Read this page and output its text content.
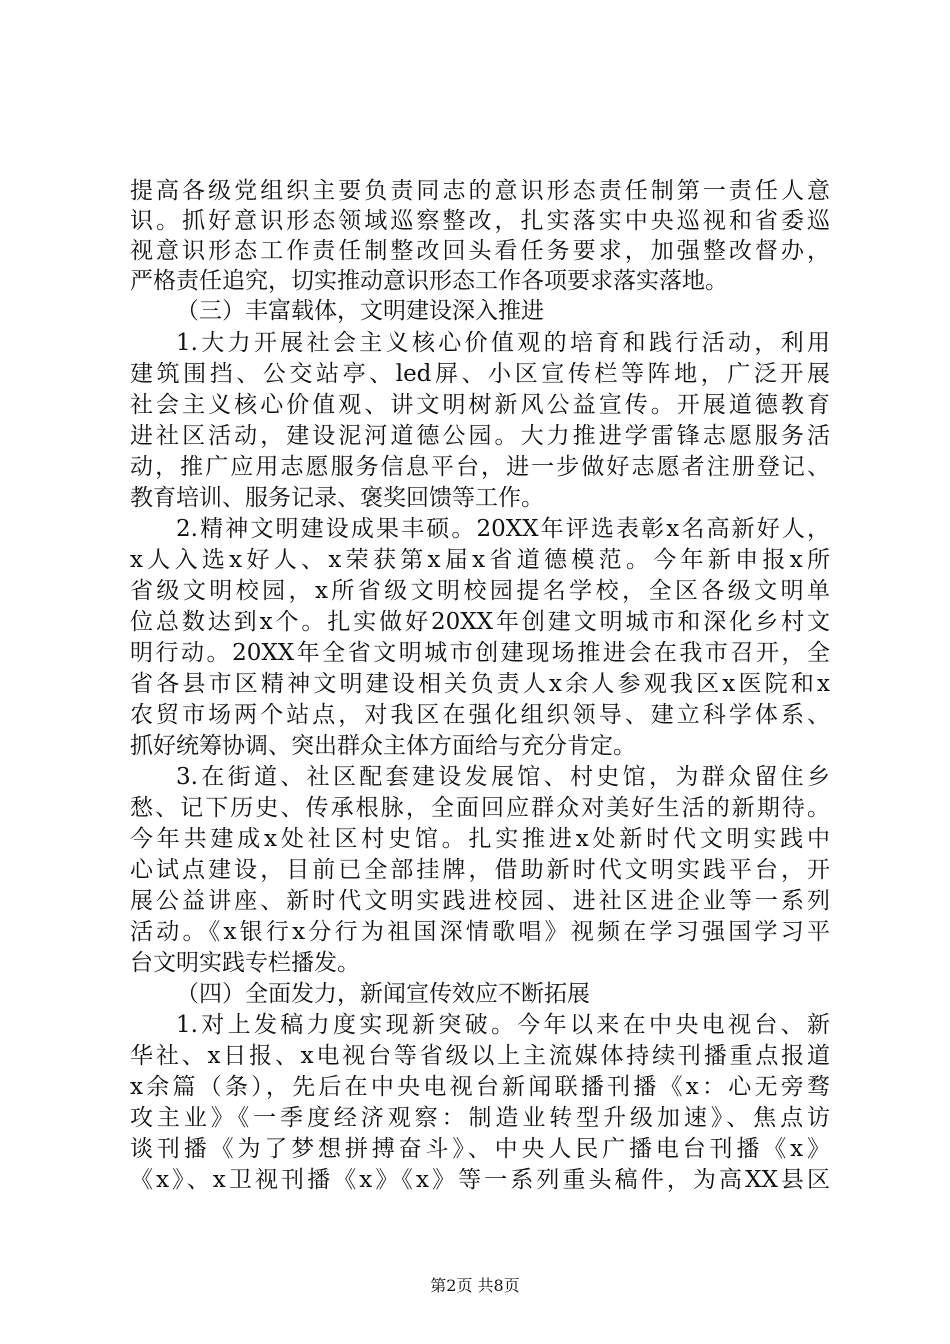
提高各级党组织主要负责同志的意识形态责任制第一责任人意
识。抓好意识形态领域巡察整改，扎实落实中央巡视和省委巡
视意识形态工作责任制整改回头看任务要求，加强整改督办，
严格责任追究，切实推动意识形态工作各项要求落实落地。
（三）丰富载体，文明建设深入推进
1.大力开展社会主义核心价值观的培育和践行活动，利用
建筑围挡、公交站亭、led屏、小区宣传栏等阵地，广泛开展
社会主义核心价值观、讲文明树新风公益宣传。开展道德教育
进社区活动，建设泥河道德公园。大力推进学雷锋志愿服务活
动，推广应用志愿服务信息平台，进一步做好志愿者注册登记、
教育培训、服务记录、褒奖回馈等工作。
2.精神文明建设成果丰硕。20XX年评选表彰x名高新好人，
x人入选x好人、x荣获第x届x省道德模范。今年新申报x所
省级文明校园，x所省级文明校园提名学校，全区各级文明单
位总数达到x个。扎实做好20XX年创建文明城市和深化乡村文
明行动。20XX年全省文明城市创建现场推进会在我市召开，全
省各县市区精神文明建设相关负责人x余人参观我区x医院和x
农贸市场两个站点，对我区在强化组织领导、建立科学体系、
抓好统筹协调、突出群众主体方面给与充分肯定。
3.在街道、社区配套建设发展馆、村史馆，为群众留住乡
愁、记下历史、传承根脉，全面回应群众对美好生活的新期待。
今年共建成x处社区村史馆。扎实推进x处新时代文明实践中
心试点建设，目前已全部挂牌，借助新时代文明实践平台，开
展公益讲座、新时代文明实践进校园、进社区进企业等一系列
活动。《x银行x分行为祖国深情歌唱》视频在学习强国学习平
台文明实践专栏播发。
（四）全面发力，新闻宣传效应不断拓展
1.对上发稿力度实现新突破。今年以来在中央电视台、新
华社、x日报、x电视台等省级以上主流媒体持续刊播重点报道
x余篇（条），先后在中央电视台新闻联播刊播《x：心无旁骛
攻主业》《一季度经济观察：制造业转型升级加速》、焦点访
谈刊播《为了梦想拼搏奋斗》、中央人民广播电台刊播《x》
《x》、x卫视刊播《x》《x》等一系列重头稿件，为高XX县区
第2页 共8页
